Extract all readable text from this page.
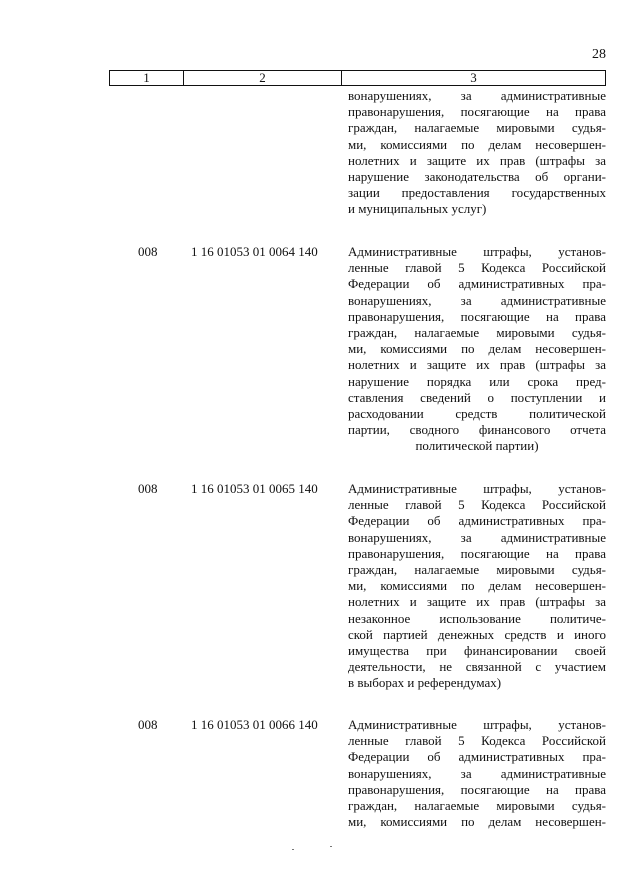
28
1	2	3
вонарушениях, за административные
правонарушения, посягающие на права
граждан, налагаемые мировыми судья-
ми, комиссиями по делам несовершен-
нолетних и защите их прав (штрафы за
нарушение законодательства об органи-
зации предоставления государственных
и муниципальных услуг)
008	1 16 01053 01 0064 140 Административные штрафы, установ-
ленные главой 5 Кодекса Российской
Федерации об административных пра-
вонарушениях, за административные
правонарушения, посягающие на права
граждан, налагаемые мировыми судья-
ми, комиссиями по делам несовершен-
нолетних и защите их прав (штрафы за
нарушение порядка или срока пред-
ставления сведений о поступлении и
расходовании средств политической
партии, сводного финансового отчета
политической партии)
008	1 16 01053 01 0065 140 Административные штрафы, установ-
ленные главой 5 Кодекса Российской
Федерации об административных пра-
вонарушениях, за административные
правонарушения, посягающие на права
граждан, налагаемые мировыми судья-
ми, комиссиями по делам несовершен-
нолетних и защите их прав (штрафы за
незаконное использование политиче-
ской партией денежных средств и иного
имущества при финансировании своей
деятельности, не связанной с участием
в выборах и референдумах)
008	1 16 01053 01 0066 140 Административные штрафы, установ-
ленные главой 5 Кодекса Российской
Федерации об административных пра-
вонарушениях, за административные
правонарушения, посягающие на права
граждан, налагаемые мировыми судья-
ми, комиссиями по делам несовершен-
